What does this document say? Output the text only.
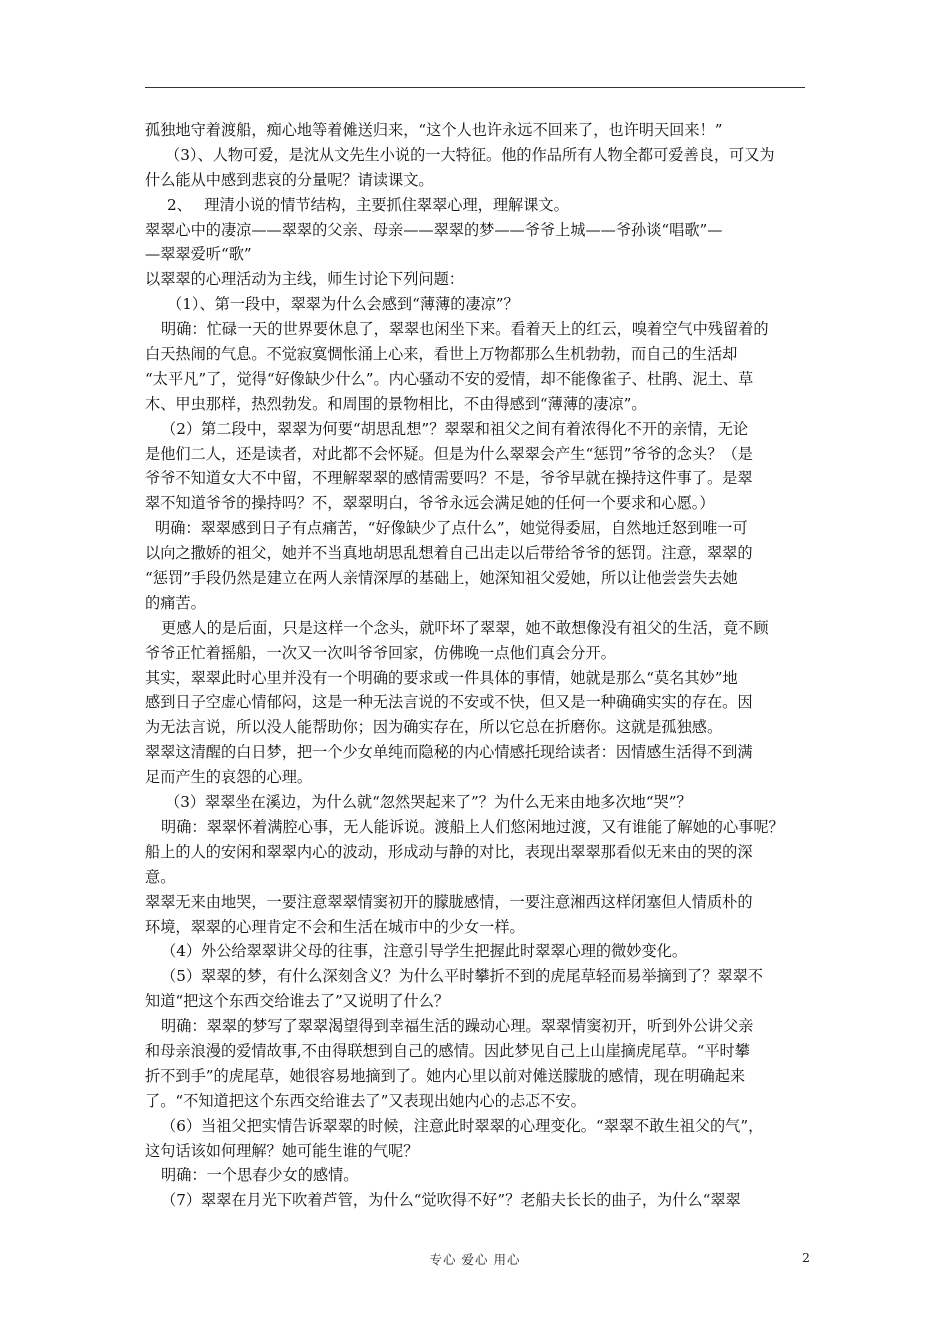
孤独地守着渡船，痴心地等着傩送归来，“这个人也许永远不回来了，也许明天回来！”
（3）、人物可爱，是沈从文先生小说的一大特征。他的作品所有人物全都可爱善良，可又为
什么能从中感到悲哀的分量呢？请读课文。
2、　 理清小说的情节结构，主要抓住翠翠心理，理解课文。
翠翠心中的凄凉——翠翠的父亲、母亲——翠翠的梦——爷爷上城——爷孙谈“唱歌”—
—翠翠爱听“歌”
以翠翠的心理活动为主线，师生讨论下列问题：
（1）、第一段中，翠翠为什么会感到“薄薄的凄凉”？
明确：忙碌一天的世界要休息了，翠翠也闲坐下来。看着天上的红云，嗅着空气中残留着的
白天热闹的气息。不觉寂寞惆怅涌上心来，看世上万物都那么生机勃勃，而自己的生活却
“太平凡”了，觉得“好像缺少什么”。内心骚动不安的爱情，却不能像雀子、杜鹃、泥土、草
木、甲虫那样，热烈勃发。和周围的景物相比，不由得感到“薄薄的凄凉”。
（2）第二段中，翠翠为何要“胡思乱想”？翠翠和祖父之间有着浓得化不开的亲情，无论
是他们二人，还是读者，对此都不会怀疑。但是为什么翠翠会产生“惩罚”爷爷的念头？（是
爷爷不知道女大不中留，不理解翠翠的感情需要吗？不是，爷爷早就在操持这件事了。是翠
翠不知道爷爷的操持吗？不，翠翠明白，爷爷永远会满足她的任何一个要求和心愿。）
明确：翠翠感到日子有点痛苦，“好像缺少了点什么”，她觉得委屈，自然地迁怒到唯一可
以向之撒娇的祖父，她并不当真地胡思乱想着自己出走以后带给爷爷的惩罚。注意，翠翠的
“惩罚”手段仍然是建立在两人亲情深厚的基础上，她深知祖父爱她，所以让他尝尝失去她
的痛苦。
更感人的是后面，只是这样一个念头，就吓坏了翠翠，她不敢想像没有祖父的生活，竟不顾
爷爷正忙着摇船，一次又一次叫爷爷回家，仿佛晚一点他们真会分开。
其实，翠翠此时心里并没有一个明确的要求或一件具体的事情，她就是那么“莫名其妙”地
感到日子空虚心情郁闷，这是一种无法言说的不安或不快，但又是一种确确实实的存在。因
为无法言说，所以没人能帮助你；因为确实存在，所以它总在折磨你。这就是孤独感。
翠翠这清醒的白日梦，把一个少女单纯而隐秘的内心情感托现给读者：因情感生活得不到满
足而产生的哀怨的心理。
（3）翠翠坐在溪边，为什么就“忽然哭起来了”？为什么无来由地多次地“哭”？
明确：翠翠怀着满腔心事，无人能诉说。渡船上人们悠闲地过渡，又有谁能了解她的心事呢？
船上的人的安闲和翠翠内心的波动，形成动与静的对比，表现出翠翠那看似无来由的哭的深
意。
翠翠无来由地哭，一要注意翠翠情窦初开的朦胧感情，一要注意湘西这样闭塞但人情质朴的
环境，翠翠的心理肯定不会和生活在城市中的少女一样。
（4）外公给翠翠讲父母的往事，注意引导学生把握此时翠翠心理的微妙变化。
（5）翠翠的梦，有什么深刻含义？为什么平时攀折不到的虎尾草轻而易举摘到了？翠翠不
知道“把这个东西交给谁去了”又说明了什么？
明确：翠翠的梦写了翠翠渴望得到幸福生活的躁动心理。翠翠情窦初开，听到外公讲父亲
和母亲浪漫的爱情故事,不由得联想到自己的感情。因此梦见自己上山崖摘虎尾草。“平时攀
折不到手”的虎尾草，她很容易地摘到了。她内心里以前对傩送朦胧的感情，现在明确起来
了。“不知道把这个东西交给谁去了”又表现出她内心的忐忑不安。
（6）当祖父把实情告诉翠翠的时候，注意此时翠翠的心理变化。“翠翠不敢生祖父的气”，
这句话该如何理解？她可能生谁的气呢？
明确：一个思春少女的感情。
（7）翠翠在月光下吹着芦管，为什么“觉吹得不好”？老船夫长长的曲子，为什么“翠翠
专心 爱心 用心	2
